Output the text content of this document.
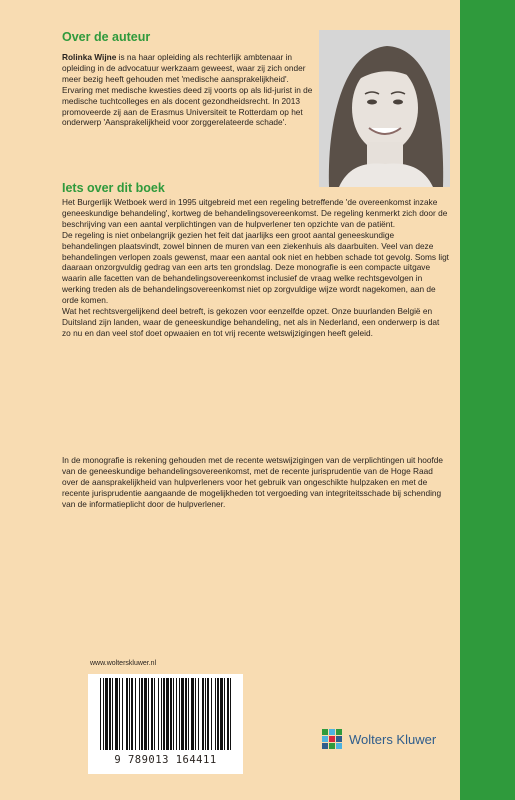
Over de auteur

Rolinka Wijne is na haar opleiding als rechterlijk ambtenaar in opleiding in de advocatuur werkzaam geweest, waar zij zich onder meer bezig heeft gehouden met 'medische aansprakelijkheid'. Ervaring met medische kwesties deed zij voorts op als lid-jurist in de medische tuchtcolleges en als docent gezondheidsrecht. In 2013 promoveerde zij aan de Erasmus Universiteit te Rotterdam op het onderwerp 'Aansprakelijkheid voor zorggerelateerde schade'.

Iets over dit boek

Het Burgerlijk Wetboek werd in 1995 uitgebreid met een regeling betreffende 'de overeenkomst inzake geneeskundige behandeling', kortweg de behandelingsovereenkomst. De regeling kenmerkt zich door de beschrijving van een aantal verplichtingen van de hulpverlener ten opzichte van de patiënt.

De regeling is niet onbelangrijk gezien het feit dat jaarlijks een groot aantal geneeskundige behandelingen plaatsvindt, zowel binnen de muren van een ziekenhuis als daarbuiten. Veel van deze behandelingen verlopen zoals gewenst, maar een aantal ook niet en hebben schade tot gevolg. Soms ligt daaraan onzorgvuldig gedrag van een arts ten grondslag. Deze monografie is een compacte uitgave waarin alle facetten van de behandelingsovereenkomst inclusief de vraag welke rechtsgevolgen in werking treden als de behandelingsovereenkomst niet op zorgvuldige wijze wordt nagekomen, aan de orde komen.

Wat het rechtsvergelijkend deel betreft, is gekozen voor eenzelfde opzet. Onze buurlanden België en Duitsland zijn landen, waar de geneeskundige behandeling, net als in Nederland, een onderwerp is dat zo nu en dan veel stof doet opwaaien en tot vrij recente wetswijzigingen heeft geleid.

In de monografie is rekening gehouden met de recente wetswijzigingen van de verplichtingen uit hoofde van de geneeskundige behandelingsovereenkomst, met de recente jurisprudentie van de Hoge Raad over de aansprakelijkheid van hulpverleners voor het gebruik van ongeschikte hulpzaken en met de recente jurisprudentie aangaande de mogelijkheden tot vergoeding van integriteitsschade bij schending van de informatieplicht door de hulpverlener.

www.wolterskluwer.nl

9 789013 164411
Wolters Kluwer
